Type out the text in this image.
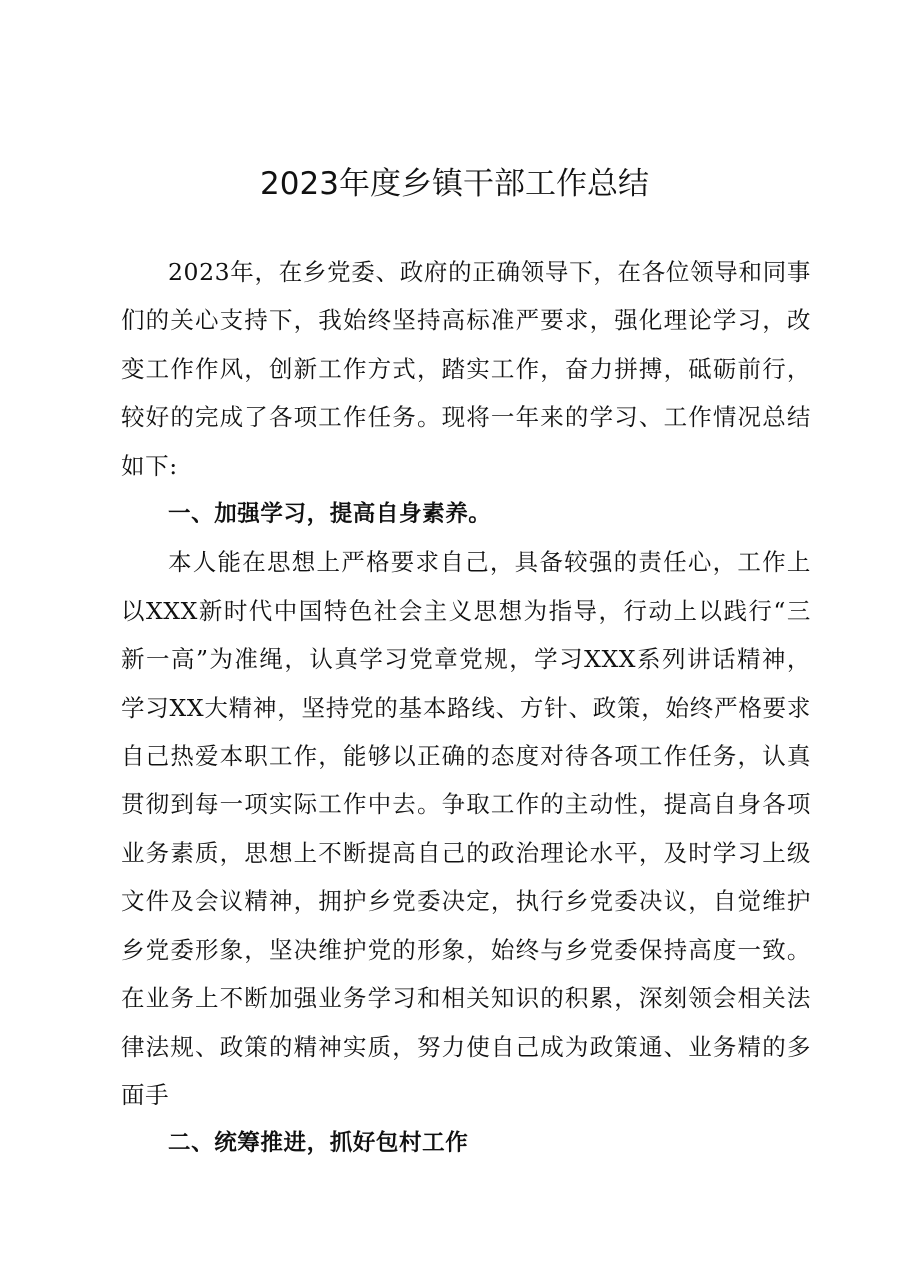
2023年度乡镇干部工作总结

2023年，在乡党委、政府的正确领导下，在各位领导和同事们的关心支持下，我始终坚持高标准严要求，强化理论学习，改变工作作风，创新工作方式，踏实工作，奋力拼搏，砥砺前行，较好的完成了各项工作任务。现将一年来的学习、工作情况总结如下:

一、加强学习，提高自身素养。

本人能在思想上严格要求自己，具备较强的责任心，工作上以XXX新时代中国特色社会主义思想为指导，行动上以践行“三新一高”为准绳，认真学习党章党规，学习XXX系列讲话精神，学习XX大精神，坚持党的基本路线、方针、政策，始终严格要求自己热爱本职工作，能够以正确的态度对待各项工作任务，认真贯彻到每一项实际工作中去。争取工作的主动性，提高自身各项业务素质，思想上不断提高自己的政治理论水平，及时学习上级文件及会议精神，拥护乡党委决定，执行乡党委决议，自觉维护乡党委形象，坚决维护党的形象，始终与乡党委保持高度一致。在业务上不断加强业务学习和相关知识的积累，深刻领会相关法律法规、政策的精神实质，努力使自己成为政策通、业务精的多面手

二、统筹推进，抓好包村工作
